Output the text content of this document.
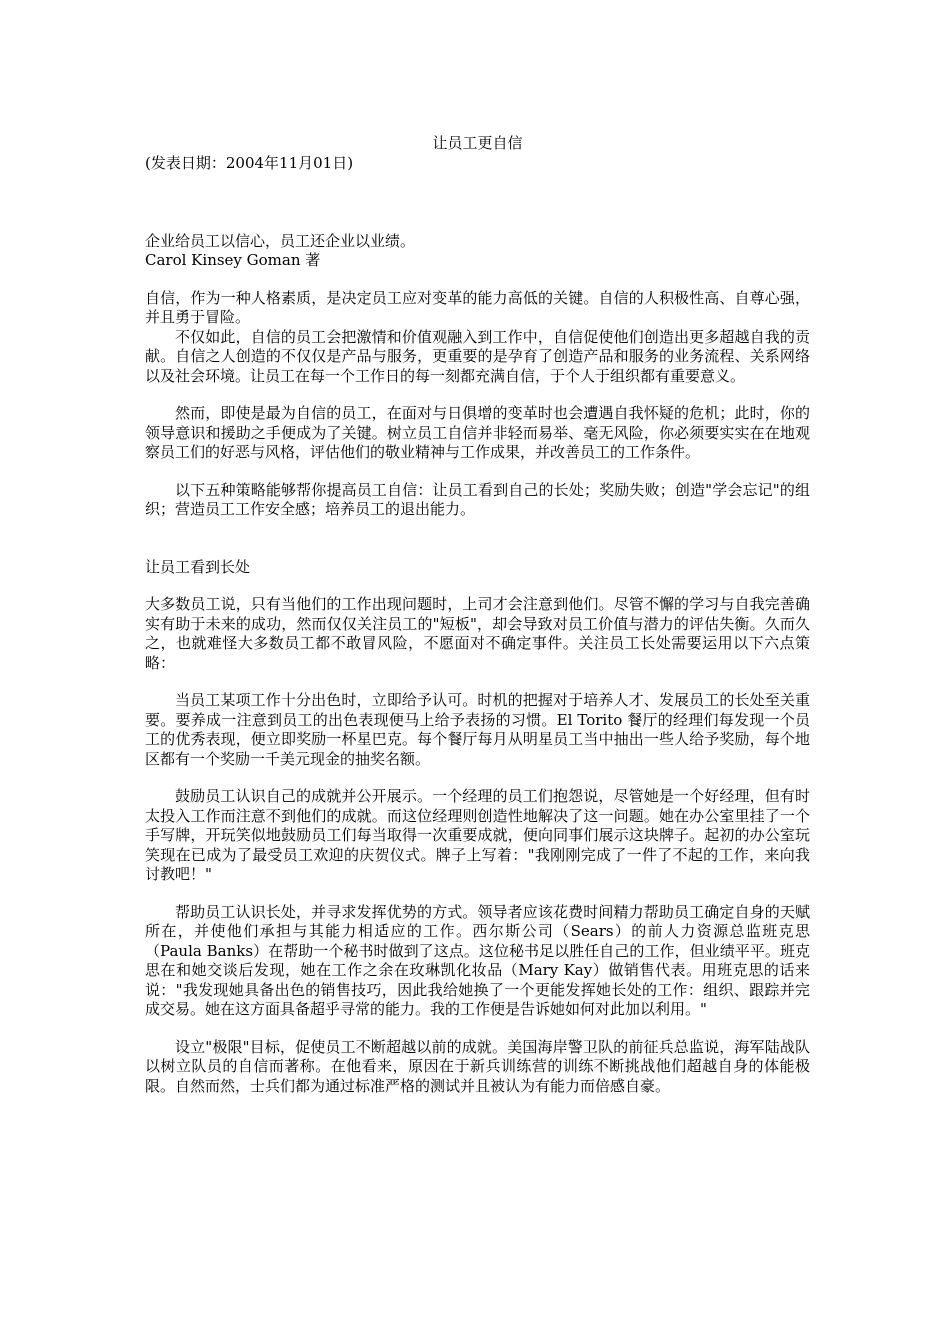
让员工更自信

(发表日期：2004年11月01日)

企业给员工以信心，员工还企业以业绩。

Carol Kinsey Goman 著

自信，作为一种人格素质，是决定员工应对变革的能力高低的关键。自信的人积极性高、自尊心强，并且勇于冒险。

不仅如此，自信的员工会把激情和价值观融入到工作中，自信促使他们创造出更多超越自我的贡献。自信之人创造的不仅仅是产品与服务，更重要的是孕育了创造产品和服务的业务流程、关系网络以及社会环境。让员工在每一个工作日的每一刻都充满自信，于个人于组织都有重要意义。

然而，即使是最为自信的员工，在面对与日俱增的变革时也会遭遇自我怀疑的危机；此时，你的领导意识和援助之手便成为了关键。树立员工自信并非轻而易举、毫无风险，你必须要实实在在地观察员工们的好恶与风格，评估他们的敬业精神与工作成果，并改善员工的工作条件。

以下五种策略能够帮你提高员工自信：让员工看到自己的长处；奖励失败；创造"学会忘记"的组织；营造员工工作安全感；培养员工的退出能力。

让员工看到长处

大多数员工说，只有当他们的工作出现问题时，上司才会注意到他们。尽管不懈的学习与自我完善确实有助于未来的成功，然而仅仅关注员工的"短板"，却会导致对员工价值与潜力的评估失衡。久而久之，也就难怪大多数员工都不敢冒风险，不愿面对不确定事件。关注员工长处需要运用以下六点策略：

当员工某项工作十分出色时，立即给予认可。时机的把握对于培养人才、发展员工的长处至关重要。要养成一注意到员工的出色表现便马上给予表扬的习惯。El Torito 餐厅的经理们每发现一个员工的优秀表现，便立即奖励一杯星巴克。每个餐厅每月从明星员工当中抽出一些人给予奖励，每个地区都有一个奖励一千美元现金的抽奖名额。

鼓励员工认识自己的成就并公开展示。一个经理的员工们抱怨说，尽管她是一个好经理，但有时太投入工作而注意不到他们的成就。而这位经理则创造性地解决了这一问题。她在办公室里挂了一个手写牌，开玩笑似地鼓励员工们每当取得一次重要成就，便向同事们展示这块牌子。起初的办公室玩笑现在已成为了最受员工欢迎的庆贺仪式。牌子上写着："我刚刚完成了一件了不起的工作，来向我讨教吧！"

帮助员工认识长处，并寻求发挥优势的方式。领导者应该花费时间精力帮助员工确定自身的天赋所在，并使他们承担与其能力相适应的工作。西尔斯公司（Sears）的前人力资源总监班克思（Paula Banks）在帮助一个秘书时做到了这点。这位秘书足以胜任自己的工作，但业绩平平。班克思在和她交谈后发现，她在工作之余在玫琳凯化妆品（Mary Kay）做销售代表。用班克思的话来说："我发现她具备出色的销售技巧，因此我给她换了一个更能发挥她长处的工作：组织、跟踪并完成交易。她在这方面具备超乎寻常的能力。我的工作便是告诉她如何对此加以利用。"

设立"极限"目标，促使员工不断超越以前的成就。美国海岸警卫队的前征兵总监说，海军陆战队以树立队员的自信而著称。在他看来，原因在于新兵训练营的训练不断挑战他们超越自身的体能极限。自然而然，士兵们都为通过标准严格的测试并且被认为有能力而倍感自豪。
